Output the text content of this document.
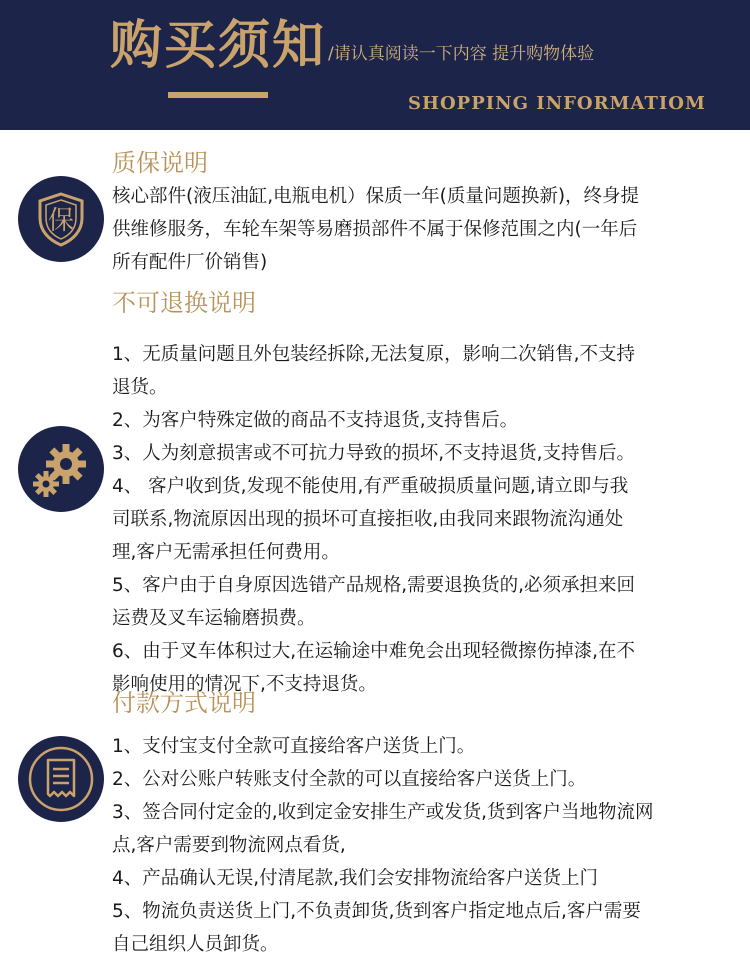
购买须知 /请认真阅读一下内容 提升购物体验
SHOPPING INFORMATIOM
质保说明
保
核心部件(液压油缸,电瓶电机）保质一年(质量问题换新)，终身提
供维修服务，车轮车架等易磨损部件不属于保修范围之内(一年后
所有配件厂价销售)
不可退换说明
1、无质量问题且外包装经拆除,无法复原，影响二次销售,不支持
退货。
2、为客户特殊定做的商品不支持退货,支持售后。
3、人为刻意损害或不可抗力导致的损坏,不支持退货,支持售后。
4、 客户收到货,发现不能使用,有严重破损质量问题,请立即与我
司联系,物流原因出现的损坏可直接拒收,由我同来跟物流沟通处
理,客户无需承担任何费用。
5、客户由于自身原因选错产品规格,需要退换货的,必须承担来回
运费及叉车运输磨损费。
6、由于叉车体积过大,在运输途中难免会出现轻微擦伤掉漆,在不
影响使用的情况下,不支持退货。
付款方式说明
1、支付宝支付全款可直接给客户送货上门。
2、公对公账户转账支付全款的可以直接给客户送货上门。
3、签合同付定金的,收到定金安排生产或发货,货到客户当地物流网
点,客户需要到物流网点看货,
4、产品确认无误,付清尾款,我们会安排物流给客户送货上门
5、物流负责送货上门,不负责卸货,货到客户指定地点后,客户需要
自己组织人员卸货。
